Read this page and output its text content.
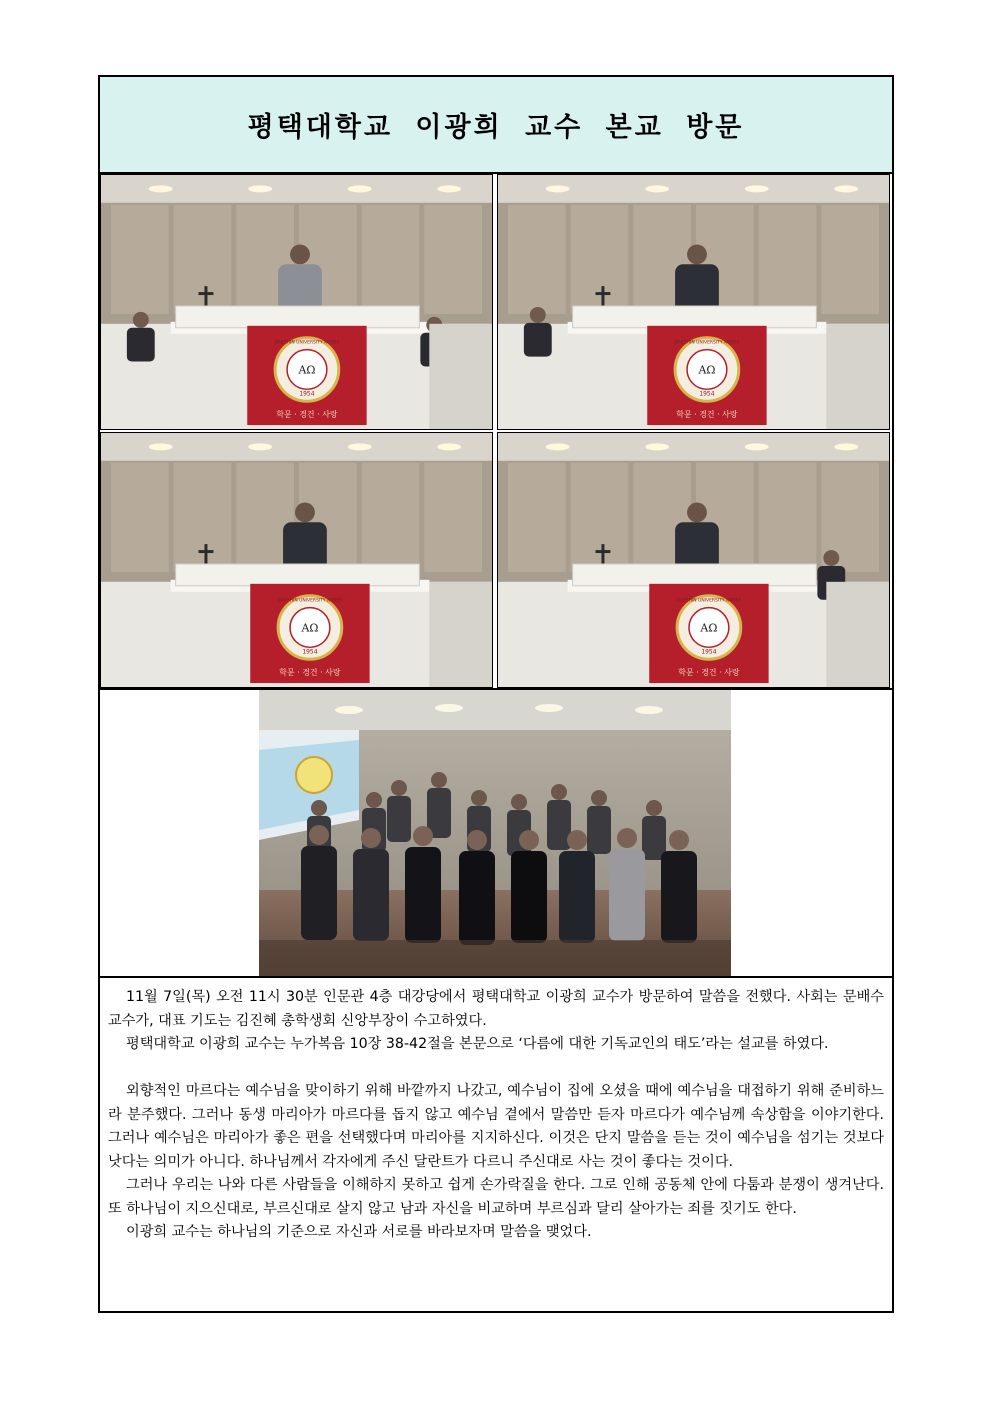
평택대학교 이광희 교수 본교 방문
AΩ
1954
DAESHIN UNIVERSITY KOREA
학문 · 경건 · 사랑
AΩ
1954
DAESHIN UNIVERSITY KOREA
학문 · 경건 · 사랑
AΩ
1954
DAESHIN UNIVERSITY KOREA
학문 · 경건 · 사랑
AΩ
1954
DAESHIN UNIVERSITY KOREA
학문 · 경건 · 사랑

11월 7일(목) 오전 11시 30분 인문관 4층 대강당에서 평택대학교 이광희 교수가 방문하여 말씀을 전했다. 사회는 문배수 교수가, 대표 기도는 김진혜 총학생회 신앙부장이 수고하였다.

평택대학교 이광희 교수는 누가복음 10장 38-42절을 본문으로 ‘다름에 대한 기독교인의 태도’라는 설교를 하였다.

외향적인 마르다는 예수님을 맞이하기 위해 바깥까지 나갔고, 예수님이 집에 오셨을 때에 예수님을 대접하기 위해 준비하느라 분주했다. 그러나 동생 마리아가 마르다를 돕지 않고 예수님 곁에서 말씀만 듣자 마르다가 예수님께 속상함을 이야기한다. 그러나 예수님은 마리아가 좋은 편을 선택했다며 마리아를 지지하신다. 이것은 단지 말씀을 듣는 것이 예수님을 섬기는 것보다 낫다는 의미가 아니다. 하나님께서 각자에게 주신 달란트가 다르니 주신대로 사는 것이 좋다는 것이다.

그러나 우리는 나와 다른 사람들을 이해하지 못하고 쉽게 손가락질을 한다. 그로 인해 공동체 안에 다툼과 분쟁이 생겨난다. 또 하나님이 지으신대로, 부르신대로 살지 않고 남과 자신을 비교하며 부르심과 달리 살아가는 죄를 짓기도 한다.

이광희 교수는 하나님의 기준으로 자신과 서로를 바라보자며 말씀을 맺었다.
